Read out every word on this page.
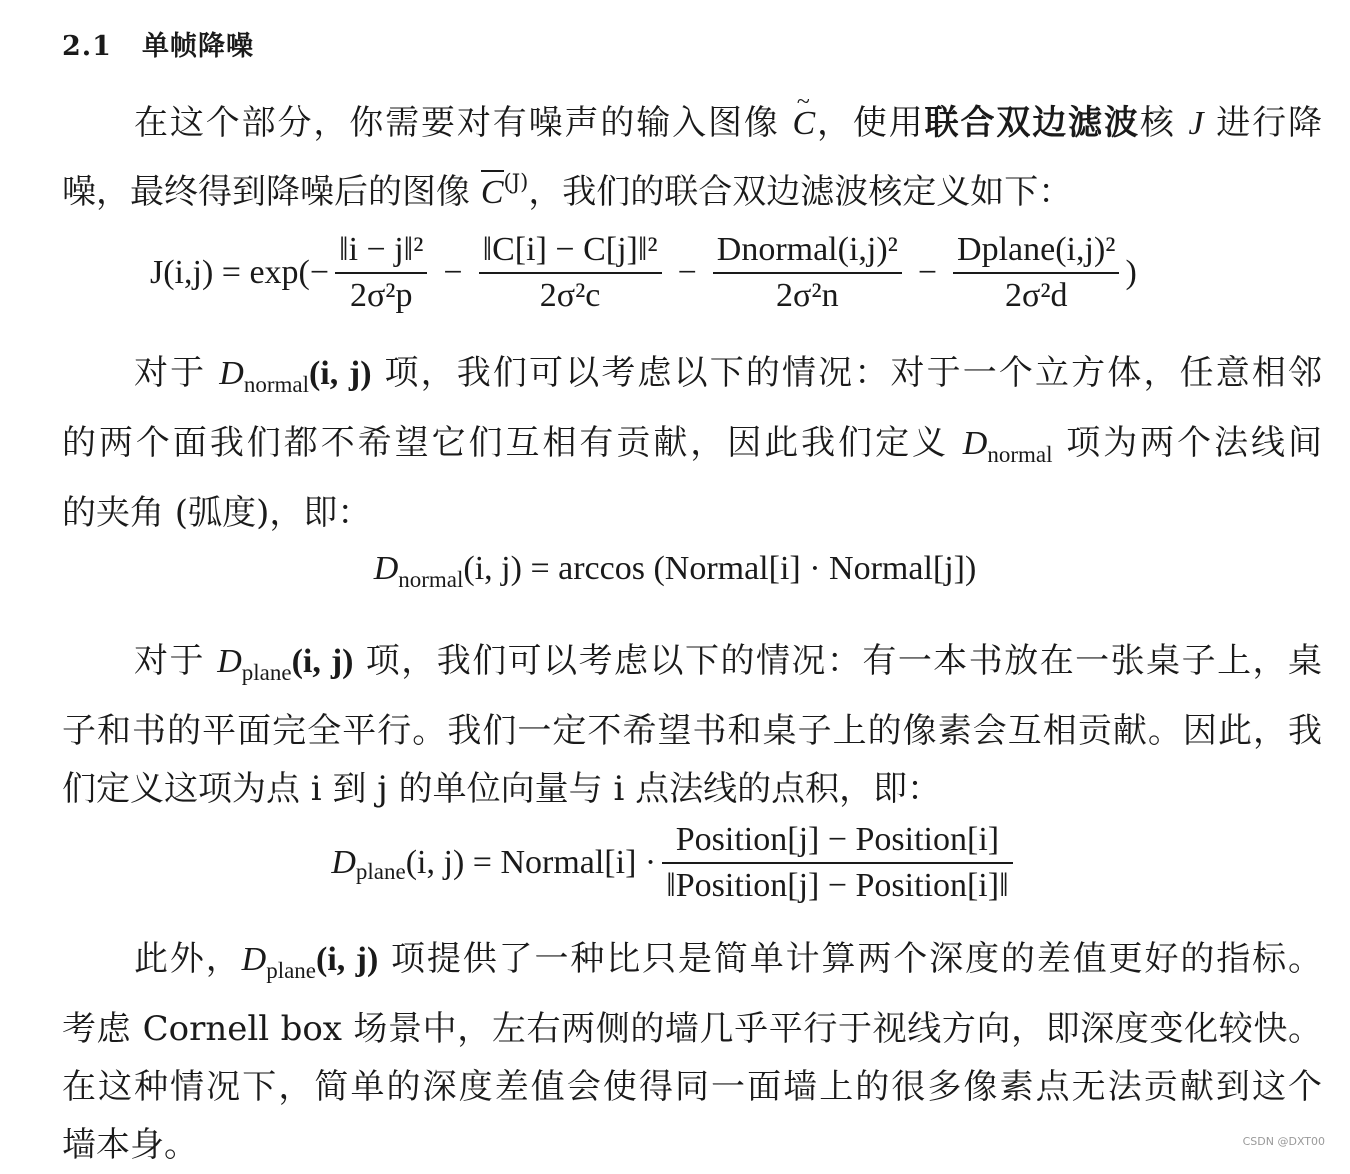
2.1 单帧降噪

在这个部分，你需要对有噪声的输入图像 ~ C，使用联合双边滤波核 J 进行降

噪，最终得到降噪后的图像 $C^{(J)}$，我们的联合双边滤波核定义如下：

$J(i,j) = \exp(- \frac{\text{‖i − j‖²}}{\text{2σ²p}} - \frac{\text{‖C[i] − C[j]‖²}}{\text{2σ²c}} - \frac{\text{Dnormal(i,j)²}}{\text{2σ²n}} - \frac{\text{Dplane(i,j)²}}{\text{2σ²d}}$ )

对于 $D_{normal}(i$, j) 项，我们可以考虑以下的情况：对于一个立方体，任意相邻

的两个面我们都不希望它们互相有贡献，因此我们定义 $D_{normal}$ 项为两个法线间

的夹角 (弧度)，即：

$D_{normal}(i$, j) = arccos (Normal[i] · Normal[j])

对于 $D_{plane}(i$, j) 项，我们可以考虑以下的情况：有一本书放在一张桌子上，桌

子和书的平面完全平行。我们一定不希望书和桌子上的像素会互相贡献。因此，我

们定义这项为点 i 到 j 的单位向量与 i 点法线的点积，即：

$D_{plane}(i$, j) = Normal[i] · $\frac{\text{Position[j] − Position[i]}}{\text{‖Position[j] − Position[i]‖}}$

此外，$D_{plane}(i$, j) 项提供了一种比只是简单计算两个深度的差值更好的指标。

考虑 Cornell box 场景中，左右两侧的墙几乎平行于视线方向，即深度变化较快。

在这种情况下，简单的深度差值会使得同一面墙上的很多像素点无法贡献到这个

墙本身。	CSDN @DXT00
